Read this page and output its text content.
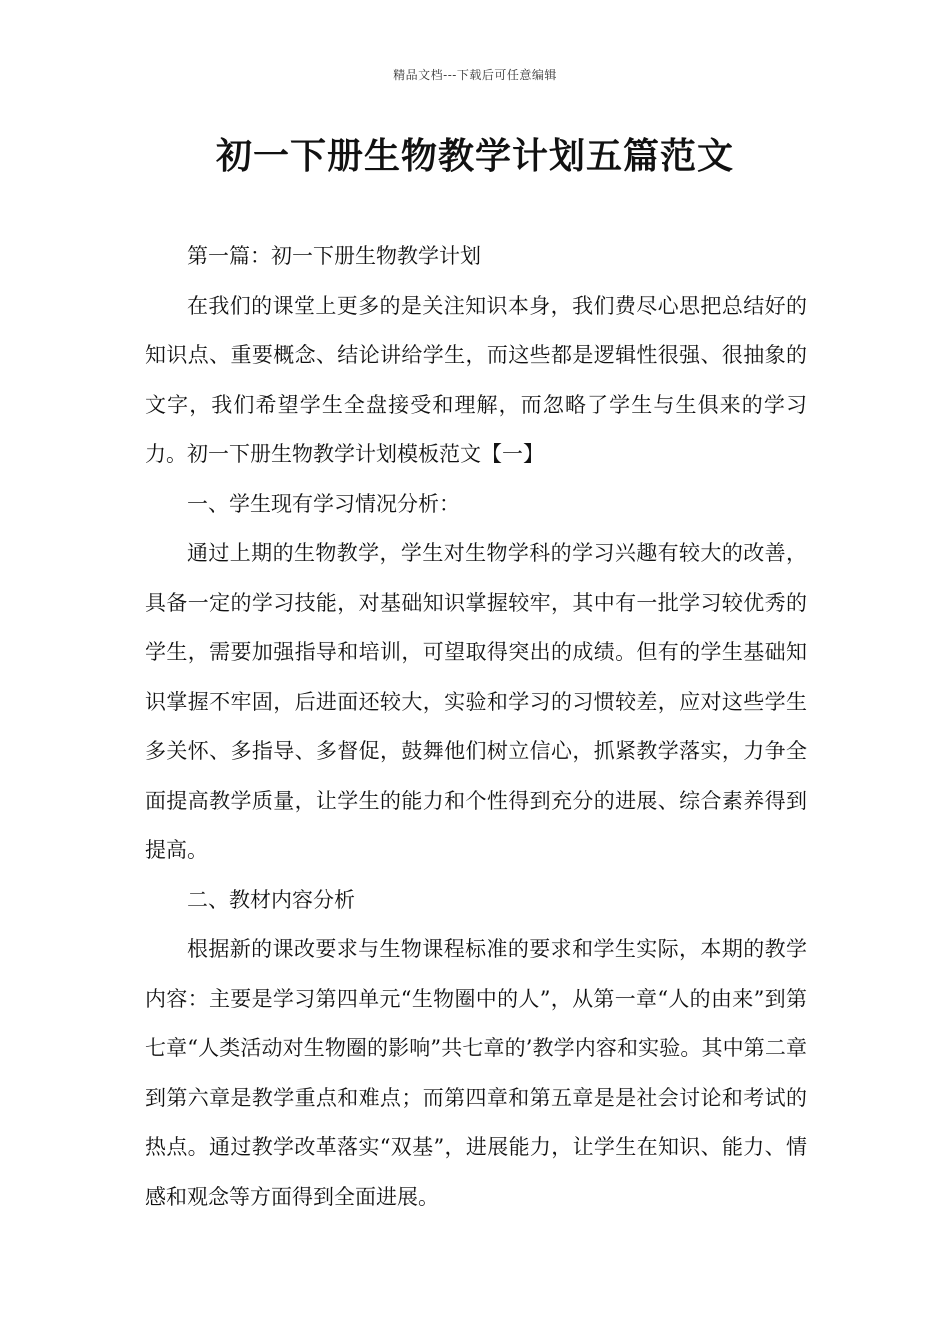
精品文档---下载后可任意编辑
初一下册生物教学计划五篇范文

第一篇：初一下册生物教学计划

在我们的课堂上更多的是关注知识本身，我们费尽心思把总结好的知识点、重要概念、结论讲给学生，而这些都是逻辑性很强、很抽象的文字，我们希望学生全盘接受和理解，而忽略了学生与生俱来的学习力。初一下册生物教学计划模板范文【一】

一、学生现有学习情况分析：

通过上期的生物教学，学生对生物学科的学习兴趣有较大的改善，具备一定的学习技能，对基础知识掌握较牢，其中有一批学习较优秀的学生，需要加强指导和培训，可望取得突出的成绩。但有的学生基础知识掌握不牢固，后进面还较大，实验和学习的习惯较差，应对这些学生多关怀、多指导、多督促，鼓舞他们树立信心，抓紧教学落实，力争全面提高教学质量，让学生的能力和个性得到充分的进展、综合素养得到提高。

二、教材内容分析

根据新的课改要求与生物课程标准的要求和学生实际，本期的教学内容：主要是学习第四单元“生物圈中的人”，从第一章“人的由来”到第七章“人类活动对生物圈的影响”共七章的’教学内容和实验。其中第二章到第六章是教学重点和难点；而第四章和第五章是是社会讨论和考试的热点。通过教学改革落实“双基”，进展能力，让学生在知识、能力、情感和观念等方面得到全面进展。
